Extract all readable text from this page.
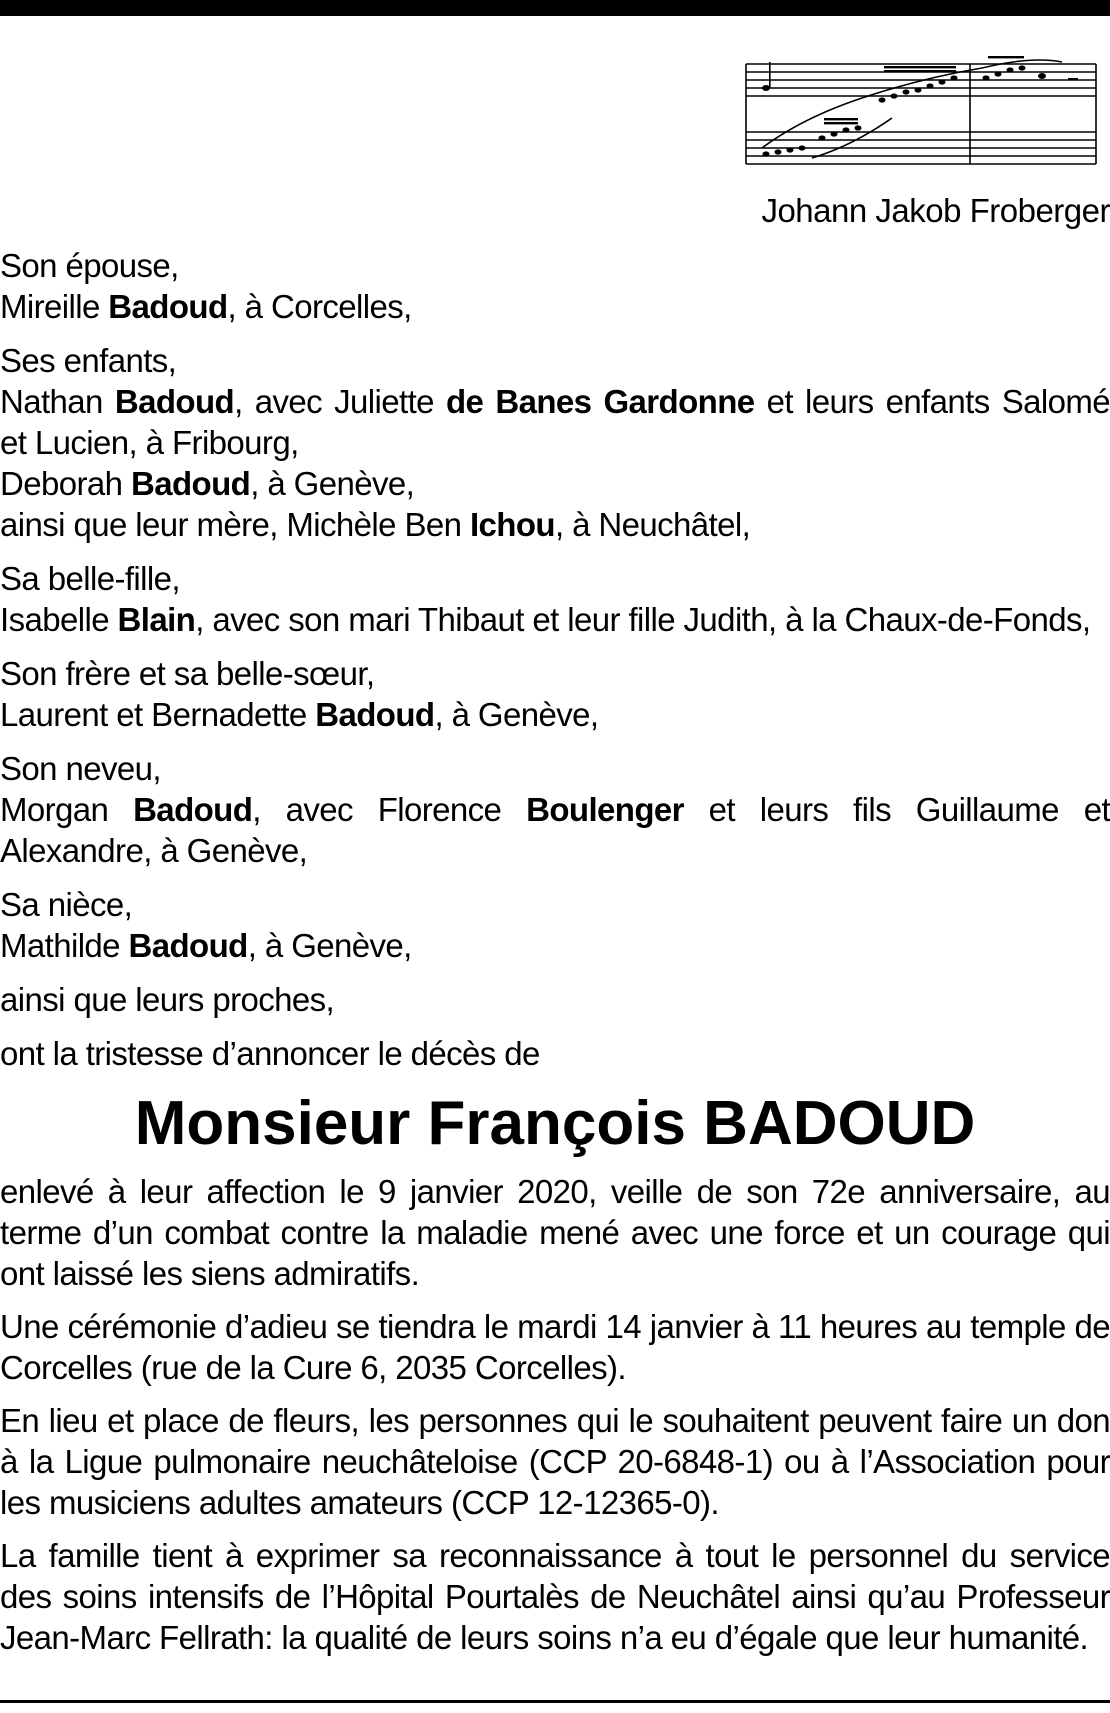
Johann Jakob Froberger
Son épouse,
Mireille Badoud, à Corcelles,
Ses enfants,
Nathan Badoud, avec Juliette de Banes Gardonne et leurs enfants Salomé
et Lucien, à Fribourg,
Deborah Badoud, à Genève,
ainsi que leur mère, Michèle Ben Ichou, à Neuchâtel,
Sa belle-fille,
Isabelle Blain, avec son mari Thibaut et leur fille Judith, à la Chaux-de-Fonds,
Son frère et sa belle-sœur,
Laurent et Bernadette Badoud, à Genève,
Son neveu,
Morgan Badoud, avec Florence Boulenger et leurs fils Guillaume et
Alexandre, à Genève,
Sa nièce,
Mathilde Badoud, à Genève,
ainsi que leurs proches,
ont la tristesse d’annoncer le décès de
Monsieur François BADOUD
enlevé à leur affection le 9 janvier 2020, veille de son 72e anniversaire, au terme d’un combat contre la maladie mené avec une force et un courage qui ont laissé les siens admiratifs.
Une cérémonie d’adieu se tiendra le mardi 14 janvier à 11 heures au temple de Corcelles (rue de la Cure 6, 2035 Corcelles).
En lieu et place de fleurs, les personnes qui le souhaitent peuvent faire un don à la Ligue pulmonaire neuchâteloise (CCP 20-6848-1) ou à l’Association pour les musiciens adultes amateurs (CCP 12-12365-0).
La famille tient à exprimer sa reconnaissance à tout le personnel du service des soins intensifs de l’Hôpital Pourtalès de Neuchâtel ainsi qu’au Professeur Jean-Marc Fellrath: la qualité de leurs soins n’a eu d’égale que leur humanité.
